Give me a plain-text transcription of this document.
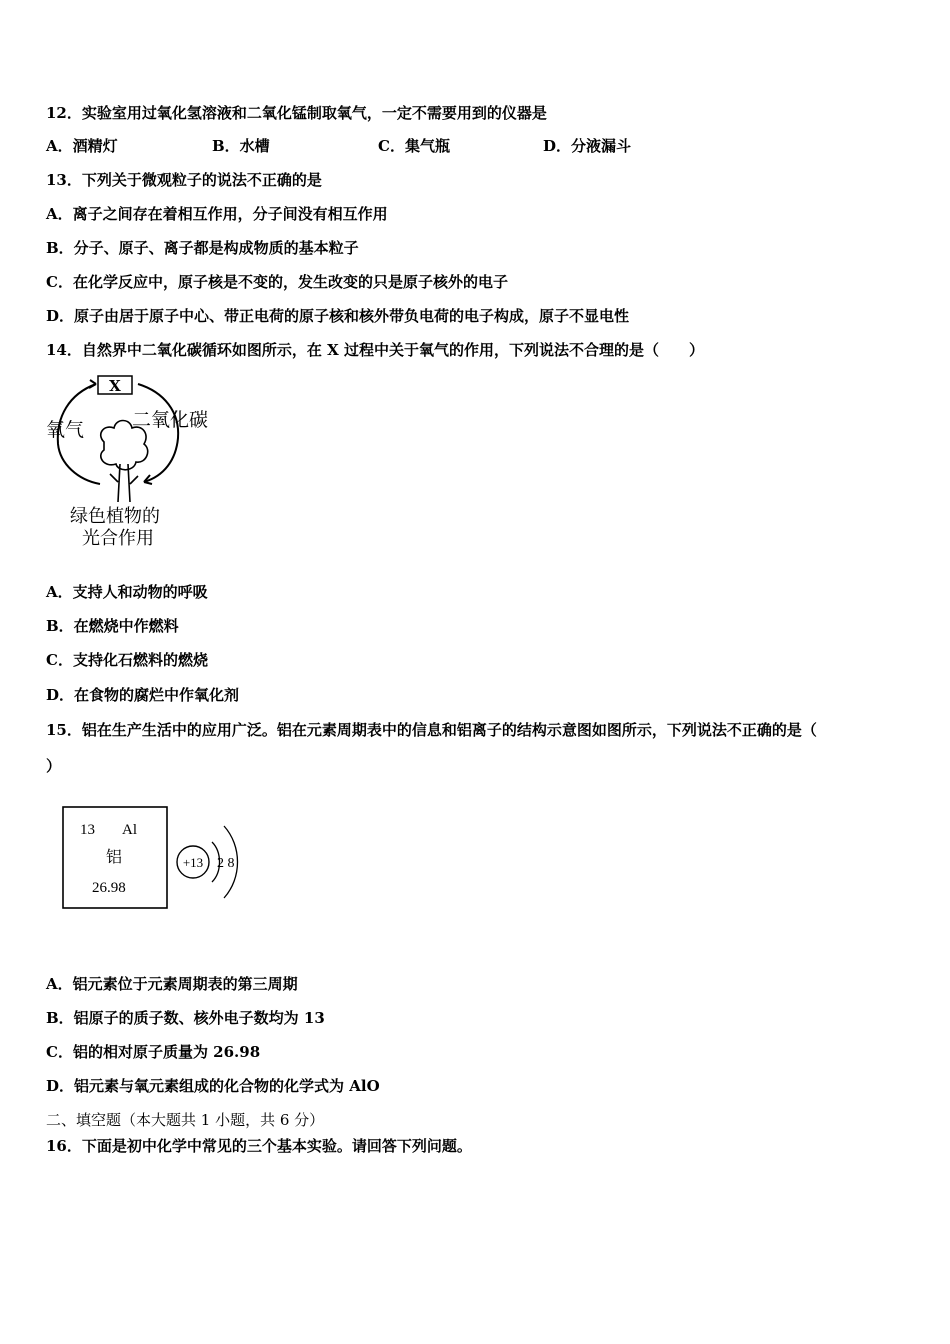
12．实验室用过氧化氢溶液和二氧化锰制取氧气，一定不需要用到的仪器是
A．酒精灯	B．水槽	C．集气瓶	D．分液漏斗
13．下列关于微观粒子的说法不正确的是
A．离子之间存在着相互作用，分子间没有相互作用
B．分子、原子、离子都是构成物质的基本粒子
C．在化学反应中，原子核是不变的，发生改变的只是原子核外的电子
D．原子由居于原子中心、带正电荷的原子核和核外带负电荷的电子构成，原子不显电性
14．自然界中二氧化碳循环如图所示，在 X 过程中关于氧气的作用，下列说法不合理的是（　　）
X
氧气	二氧化碳
绿色植物的
光合作用
A．支持人和动物的呼吸
B．在燃烧中作燃料
C．支持化石燃料的燃烧
D．在食物的腐烂中作氧化剂
15．铝在生产生活中的应用广泛。铝在元素周期表中的信息和铝离子的结构示意图如图所示，下列说法不正确的是（
）
13 Al
铝
26.98
+13 2 8
A．铝元素位于元素周期表的第三周期
B．铝原子的质子数、核外电子数均为 13
C．铝的相对原子质量为 26.98
D．铝元素与氧元素组成的化合物的化学式为 AlO
二、填空题（本大题共 1 小题，共 6 分）
16．下面是初中化学中常见的三个基本实验。请回答下列问题。
